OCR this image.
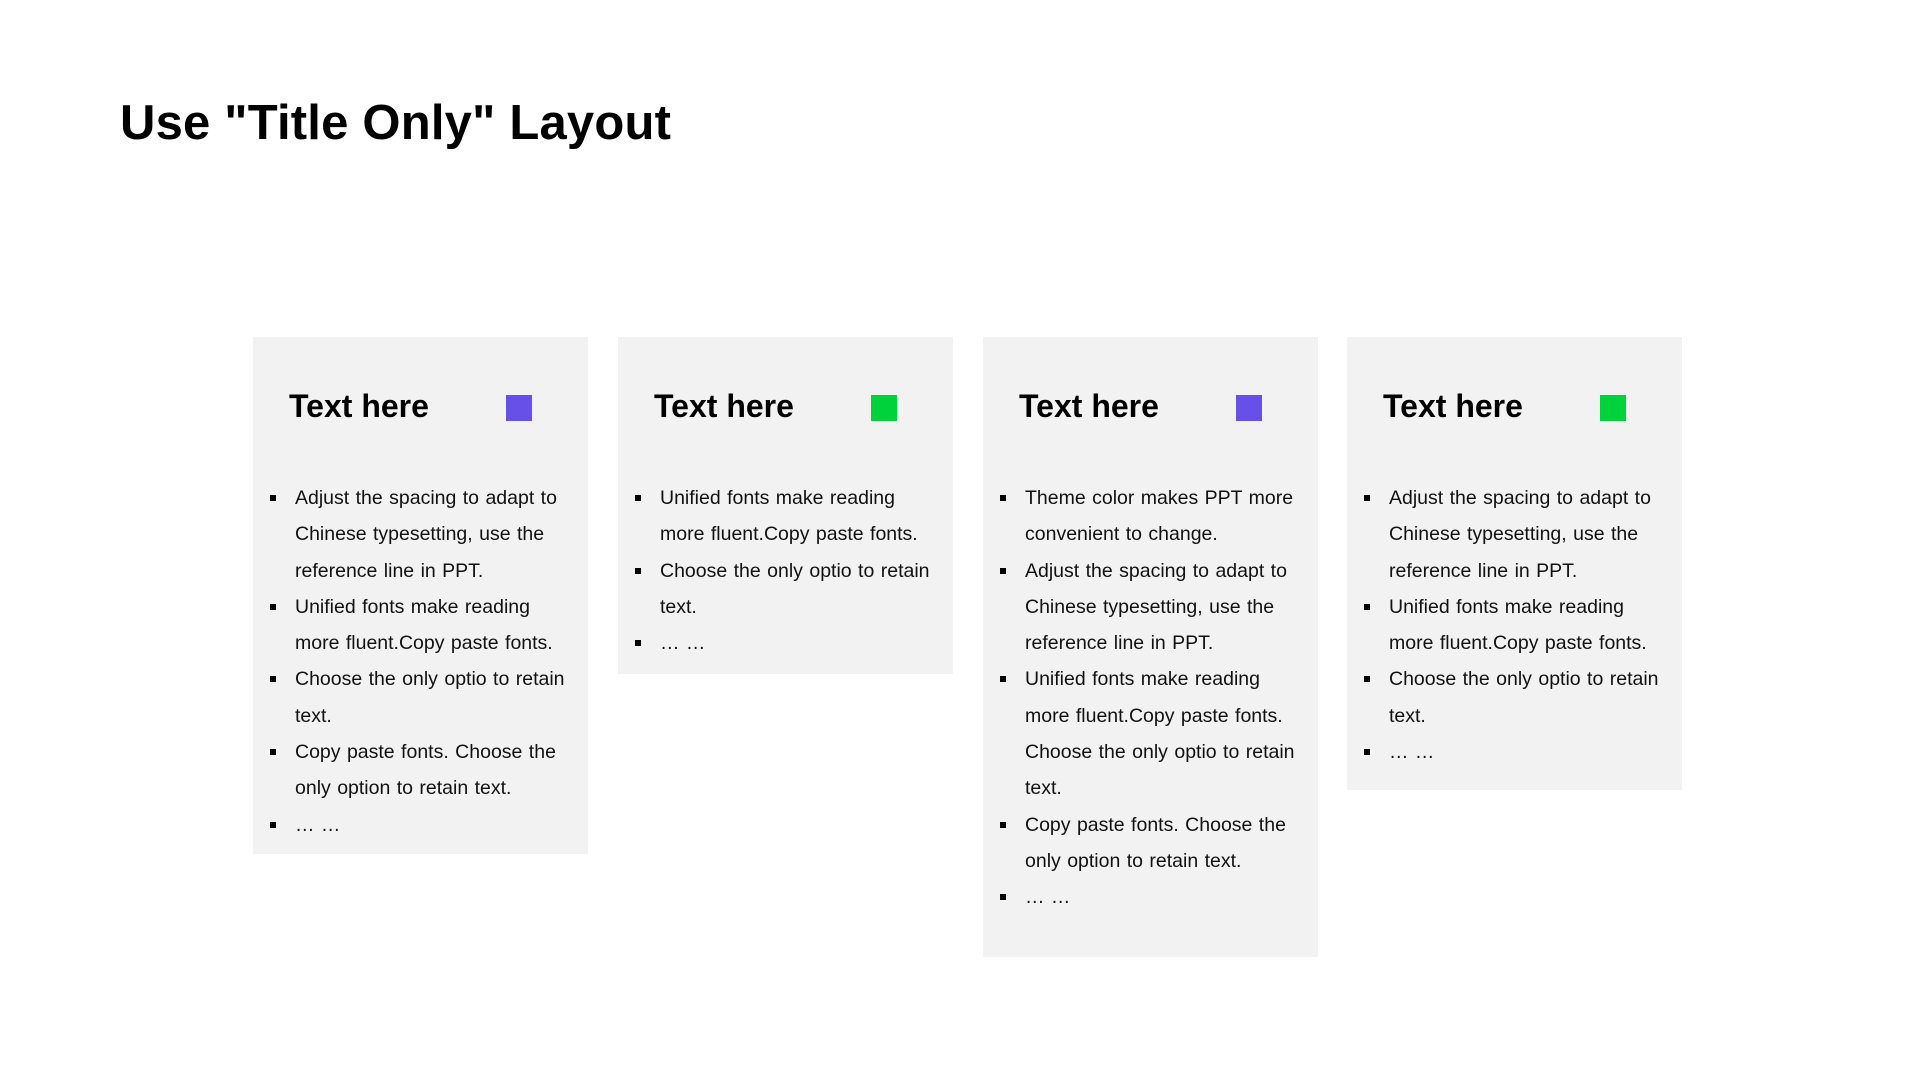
Use "Title Only" Layout
Text here
Adjust the spacing to adapt to Chinese typesetting, use the reference line in PPT.
Unified fonts make reading more fluent.Copy paste fonts.
Choose the only optio to retain text.
Copy paste fonts. Choose the only option to retain text.
… …
Text here
Unified fonts make reading more fluent.Copy paste fonts.
Choose the only optio to retain text.
… …
Text here
Theme color makes PPT more convenient to change.
Adjust the spacing to adapt to Chinese typesetting, use the reference line in PPT.
Unified fonts make reading more fluent.Copy paste fonts. Choose the only optio to retain text.
Copy paste fonts. Choose the only option to retain text.
… …
Text here
Adjust the spacing to adapt to Chinese typesetting, use the reference line in PPT.
Unified fonts make reading more fluent.Copy paste fonts.
Choose the only optio to retain text.
… …
